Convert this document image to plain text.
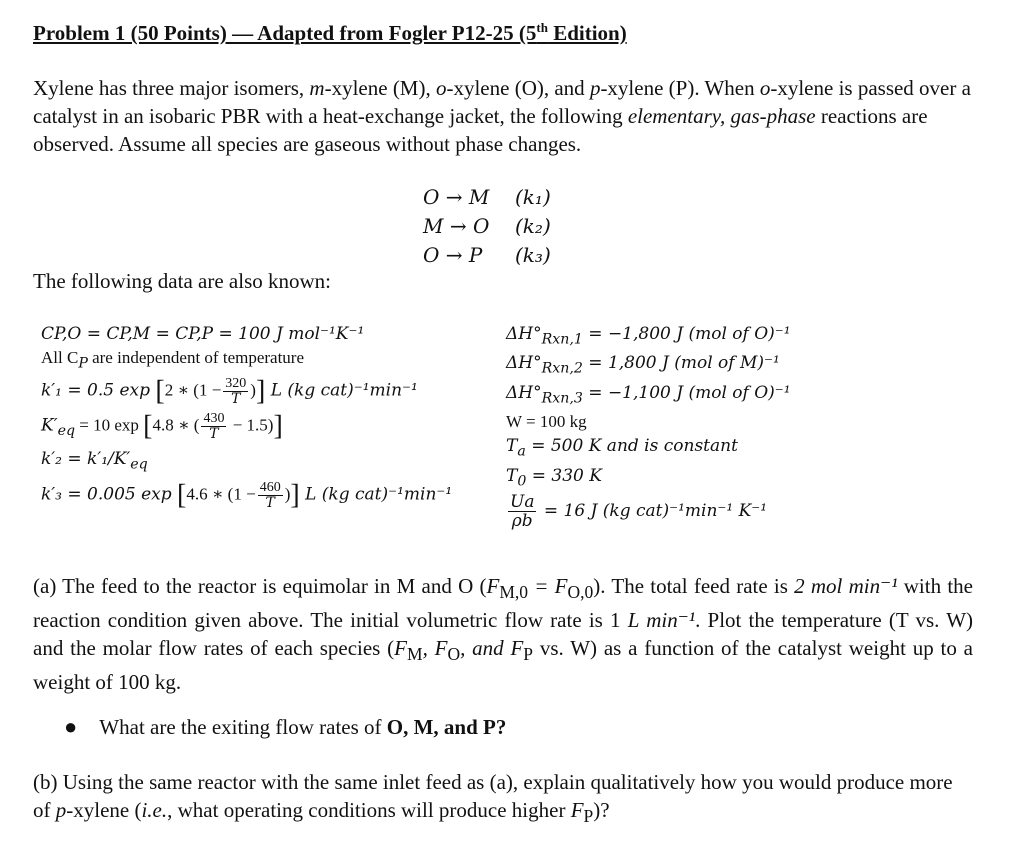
Problem 1 (50 Points) — Adapted from Fogler P12-25 (5th Edition)

Xylene has three major isomers, m-xylene (M), o-xylene (O), and p-xylene (P). When o-xylene is passed over a catalyst in an isobaric PBR with a heat-exchange jacket, the following elementary, gas-phase reactions are observed. Assume all species are gaseous without phase changes.

O → M (k₁)
M → O (k₂)
O → P (k₃)
The following data are also known:
CP,O = CP,M = CP,P = 100 J mol⁻¹K⁻¹
All $C_P$ are independent of temperature
k′₁ = 0.5 exp [2 ∗ ($1 - \frac{320}{T}$ )] L (kg cat)⁻¹min⁻¹
$K'_{eq} = 10$ exp [4.8 ∗ ( $\frac{430}{T} - 1.5$)]
$k'_2 = k'_1/K'_{eq}$
k′₃ = 0.005 exp [4.6 ∗ ($1 - \frac{460}{T}$ )] L (kg cat)⁻¹min⁻¹
$\Delta H^\circ_{Rxn,1} = -1,800$ J (mol of O)⁻¹
$\Delta H^\circ_{Rxn,2} = 1,800$ J (mol of M)⁻¹
$\Delta H^\circ_{Rxn,3} = -1,100$ J (mol of O)⁻¹
W = 100 kg
$T_a = 500$ K and is constant
$T_0 = 330$ K
$\frac{Ua}{\rho b} = 16$ J (kg cat)⁻¹min⁻¹ K⁻¹

(a) The feed to the reactor is equimolar in M and O $(F_{M,0} = F_{O,0})$. The total feed rate is 2 mol min⁻¹ with the reaction condition given above. The initial volumetric flow rate is 1 L min⁻¹. Plot the temperature (T vs. W) and the molar flow rates of each species ($F_M$, $F_O$, and $F_P$ vs. W) as a function of the catalyst weight up to a weight of 100 kg.

● What are the exiting flow rates of O, M, and P?

(b) Using the same reactor with the same inlet feed as (a), explain qualitatively how you would produce more of p-xylene (i.e., what operating conditions will produce higher $F_P$)?
